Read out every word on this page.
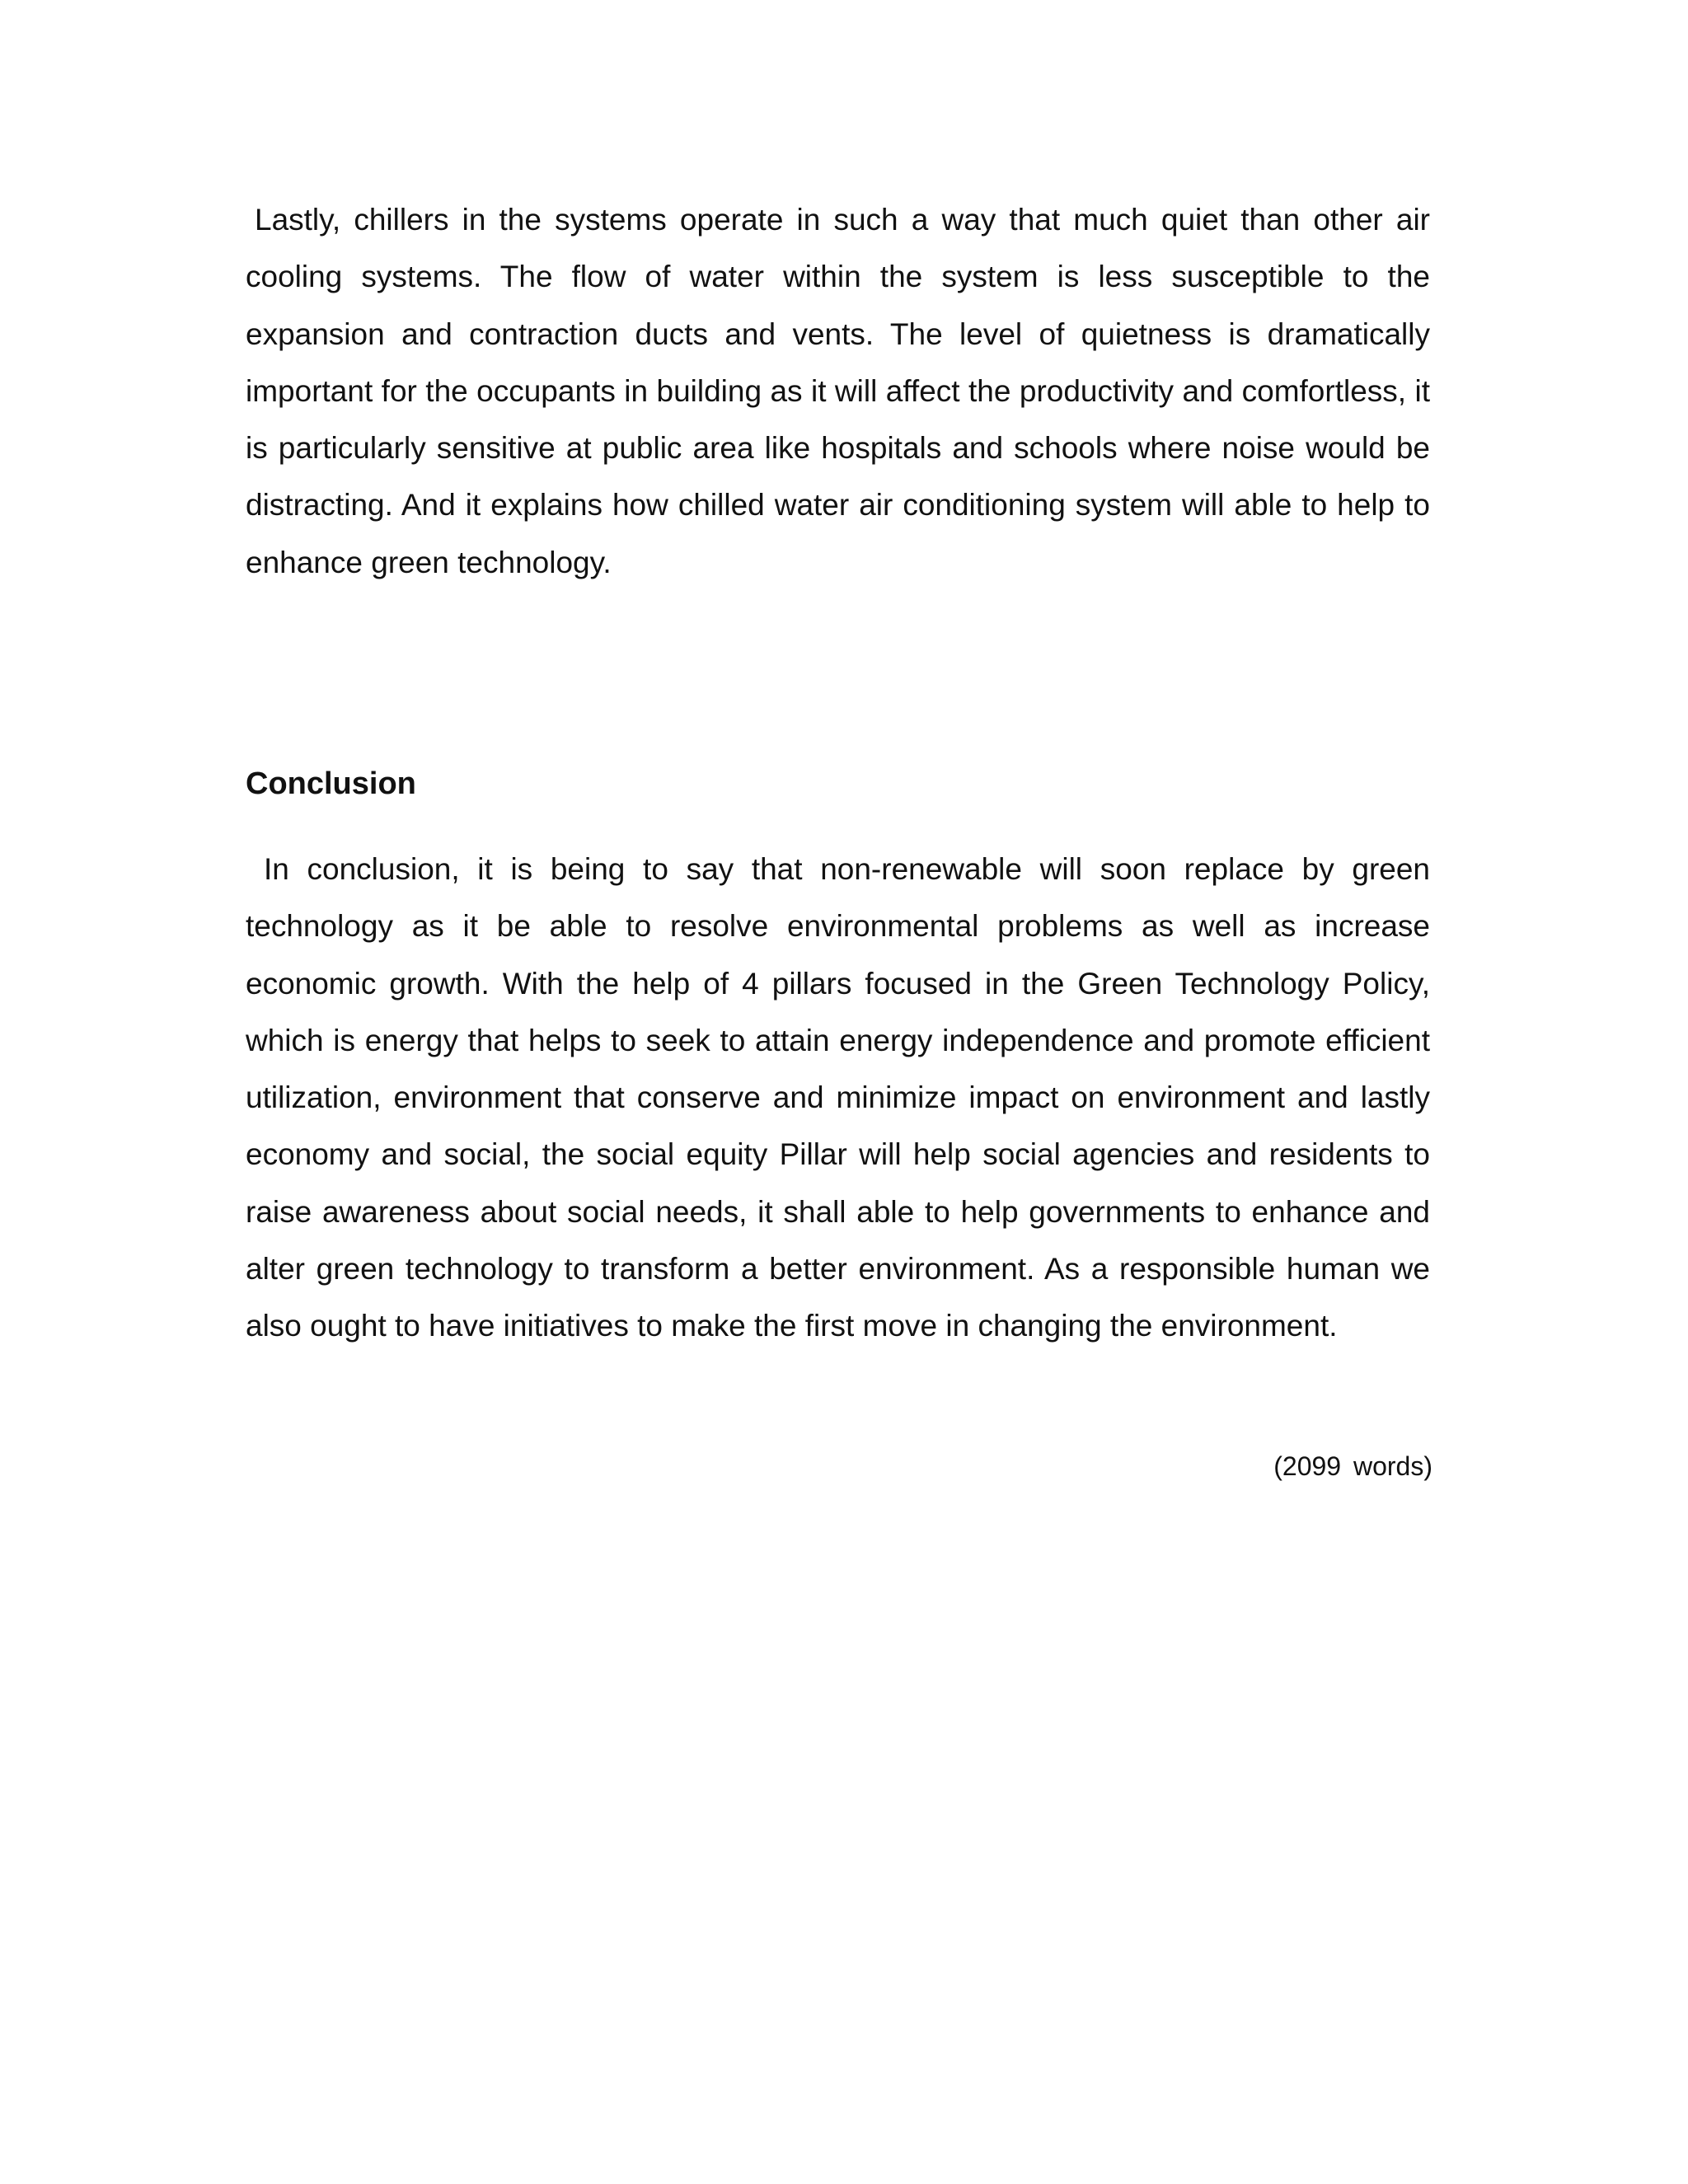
Lastly, chillers in the systems operate in such a way that much quiet than other air cooling systems. The flow of water within the system is less susceptible to the expansion and contraction ducts and vents. The level of quietness is dramatically important for the occupants in building as it will affect the productivity and comfortless, it is particularly sensitive at public area like hospitals and schools where noise would be distracting. And it explains how chilled water air conditioning system will able to help to enhance green technology.

Conclusion

In conclusion, it is being to say that non-renewable will soon replace by green technology as it be able to resolve environmental problems as well as increase economic growth. With the help of 4 pillars focused in the Green Technology Policy, which is energy that helps to seek to attain energy independence and promote efficient utilization, environment that conserve and minimize impact on environment and lastly economy and social, the social equity Pillar will help social agencies and residents to raise awareness about social needs, it shall able to help governments to enhance and alter green technology to transform a better environment. As a responsible human we also ought to have initiatives to make the first move in changing the environment.

(2099 words)
